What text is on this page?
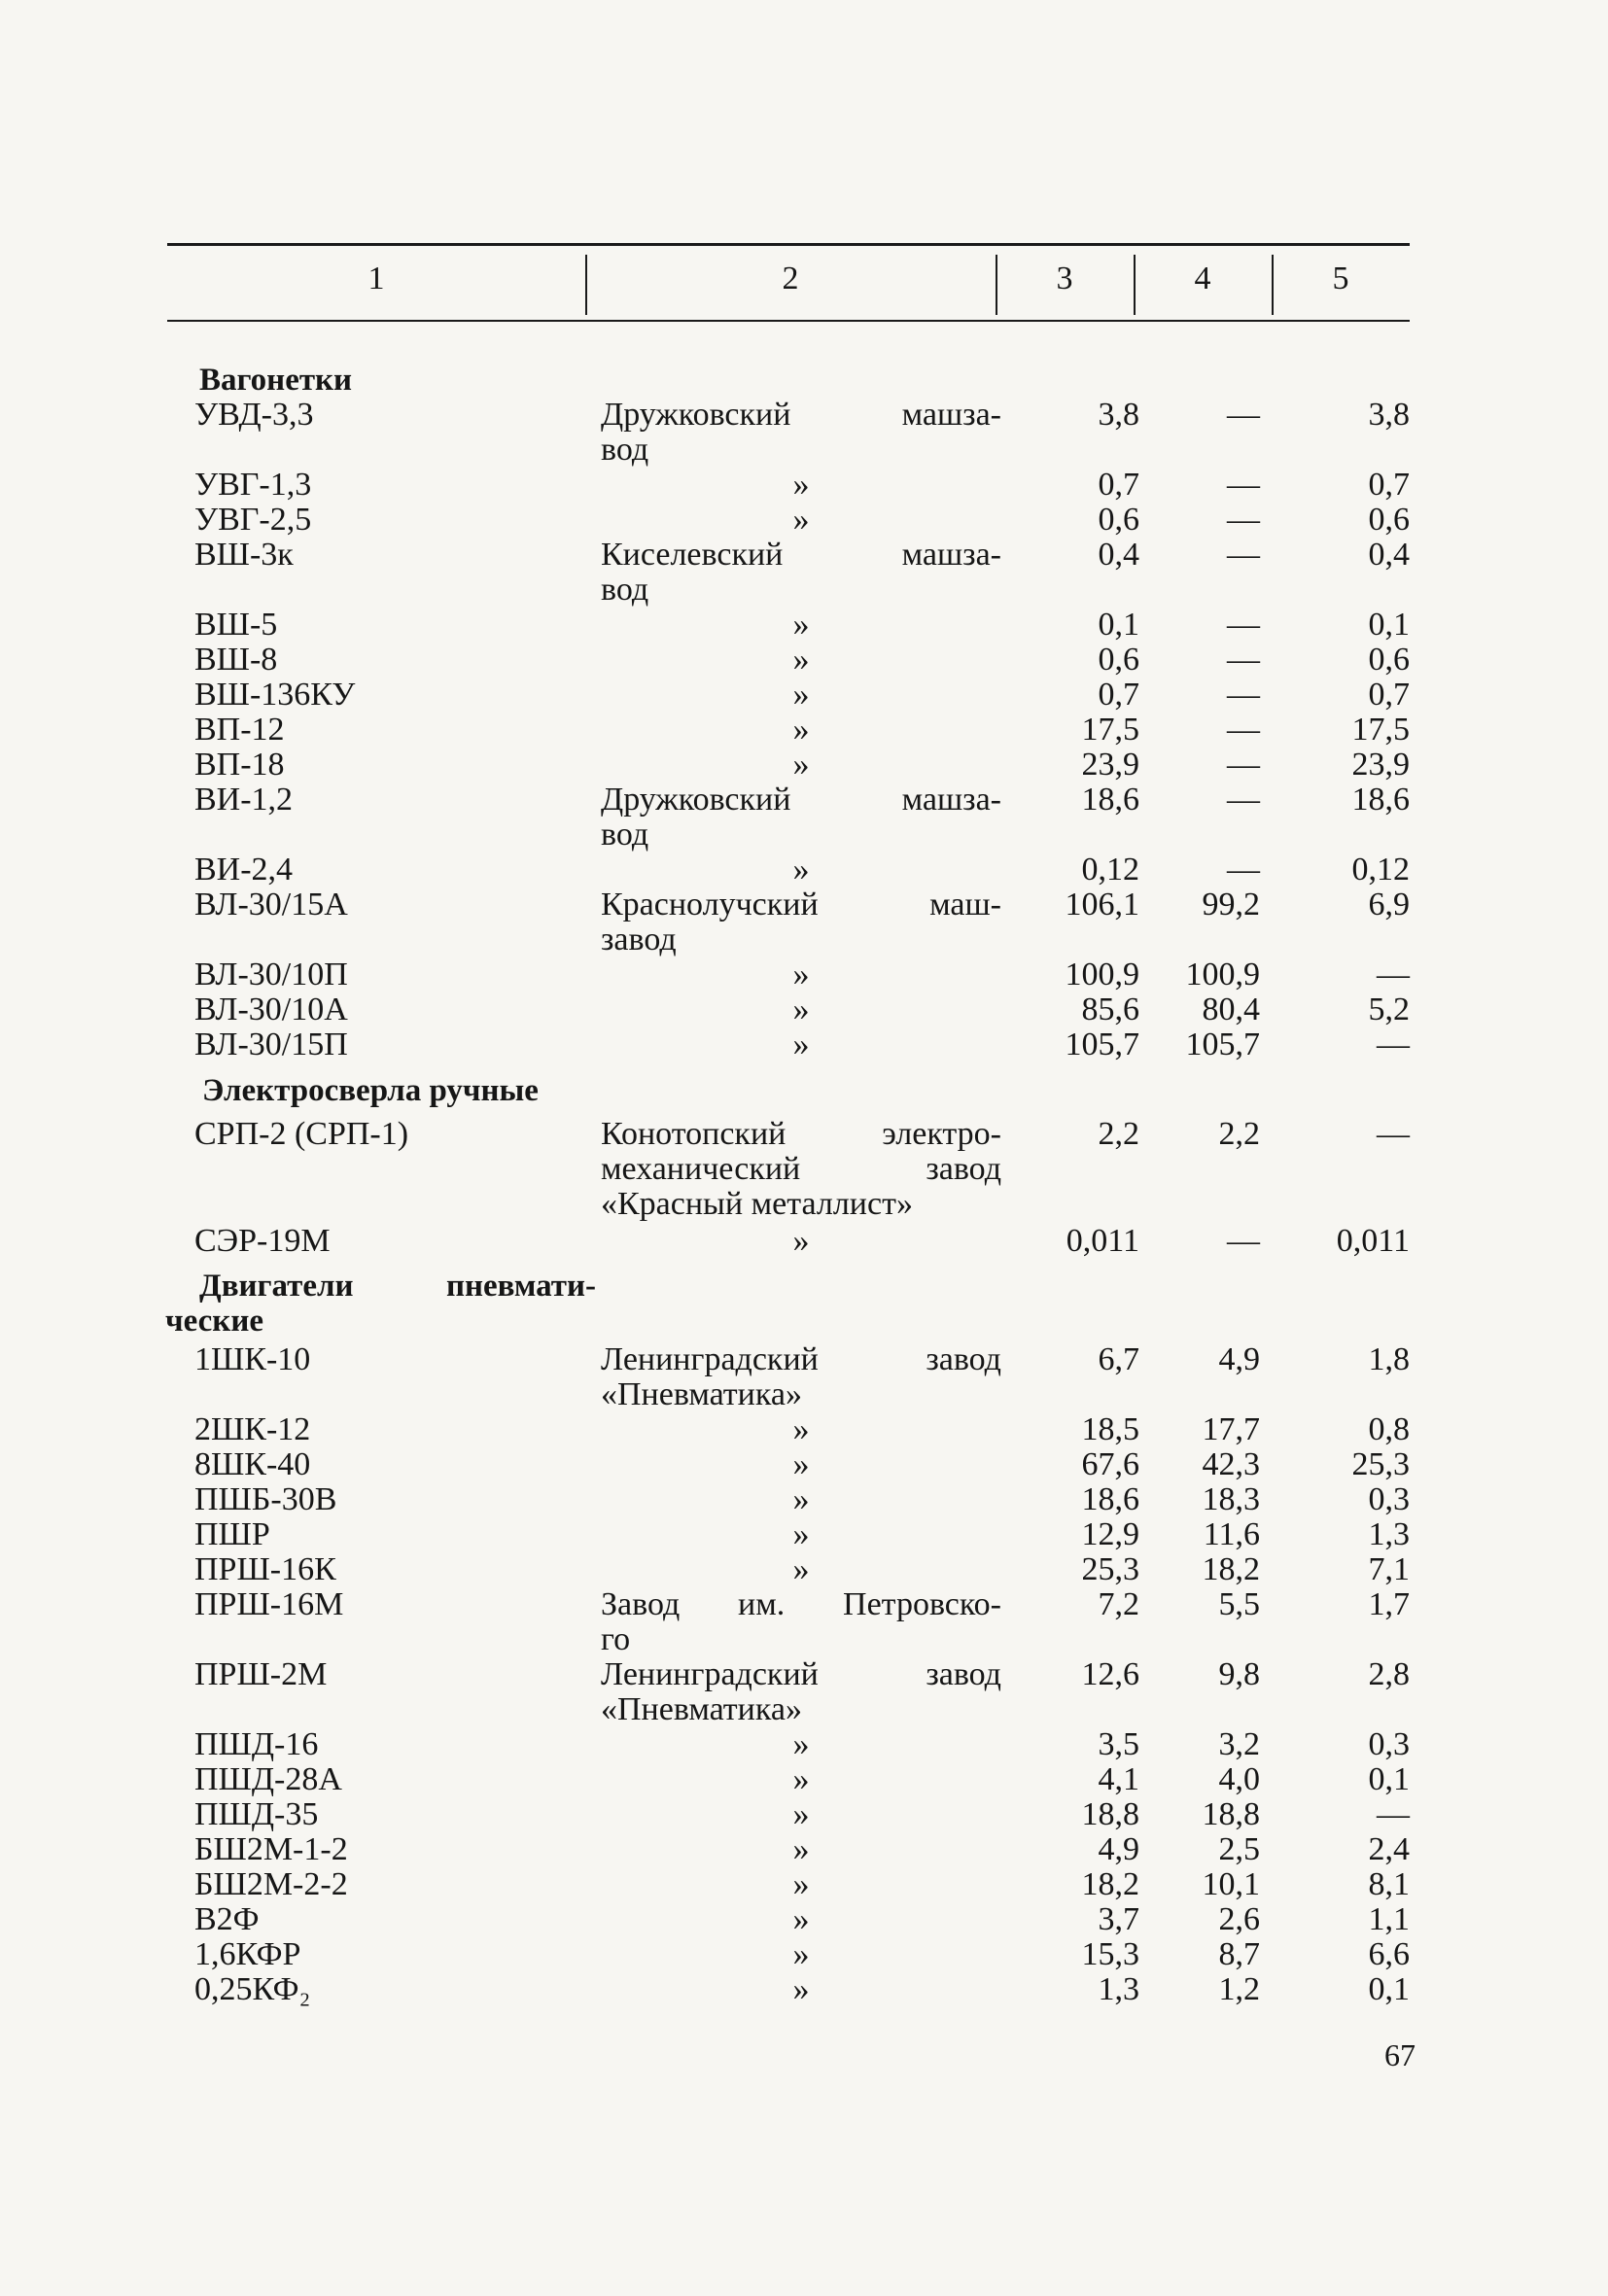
1	2	3	4	5
Вагонетки
УВД-3,3	Дружковский машза-	3,8	—	3,8
вод
УВГ-1,3	»	0,7	—	0,7
УВГ-2,5	»	0,6	—	0,6
ВШ-3к	Киселевский машза-	0,4	—	0,4
вод
ВШ-5	»	0,1	—	0,1
ВШ-8	»	0,6	—	0,6
ВШ-136КУ	»	0,7	—	0,7
ВП-12	»	17,5	—	17,5
ВП-18	»	23,9	—	23,9
ВИ-1,2	Дружковский машза-	18,6	—	18,6
вод
ВИ-2,4	»	0,12	—	0,12
ВЛ-30/15А	Краснолучский маш-	106,1	99,2	6,9
завод
ВЛ-30/10П	»	100,9	100,9	—
ВЛ-30/10А	»	85,6	80,4	5,2
ВЛ-30/15П	»	105,7	105,7	—
Электросверла ручные
СРП-2 (СРП-1)	Конотопский электро-	2,2	2,2	—
механический завод
«Красный металлист»
СЭР-19М	»	0,011	—	0,011
Двигатели	пневмати-
ческие
1ШК-10	Ленинградский завод	6,7	4,9	1,8
«Пневматика»
2ШК-12	»	18,5	17,7	0,8
8ШК-40	»	67,6	42,3	25,3
ПШБ-30В	»	18,6	18,3	0,3
ПШР	»	12,9	11,6	1,3
ПРШ-16К	»	25,3	18,2	7,1
ПРШ-16М	Завод им. Петровско-	7,2	5,5	1,7
го
ПРШ-2М	Ленинградский завод	12,6	9,8	2,8
«Пневматика»
ПШД-16	»	3,5	3,2	0,3
ПШД-28А	»	4,1	4,0	0,1
ПШД-35	»	18,8	18,8	—
БШ2М-1-2	»	4,9	2,5	2,4
БШ2М-2-2	»	18,2	10,1	8,1
В2Ф	»	3,7	2,6	1,1
1,6КФР	»	15,3	8,7	6,6
0,25КФ₂	»	1,3	1,2	0,1
67
